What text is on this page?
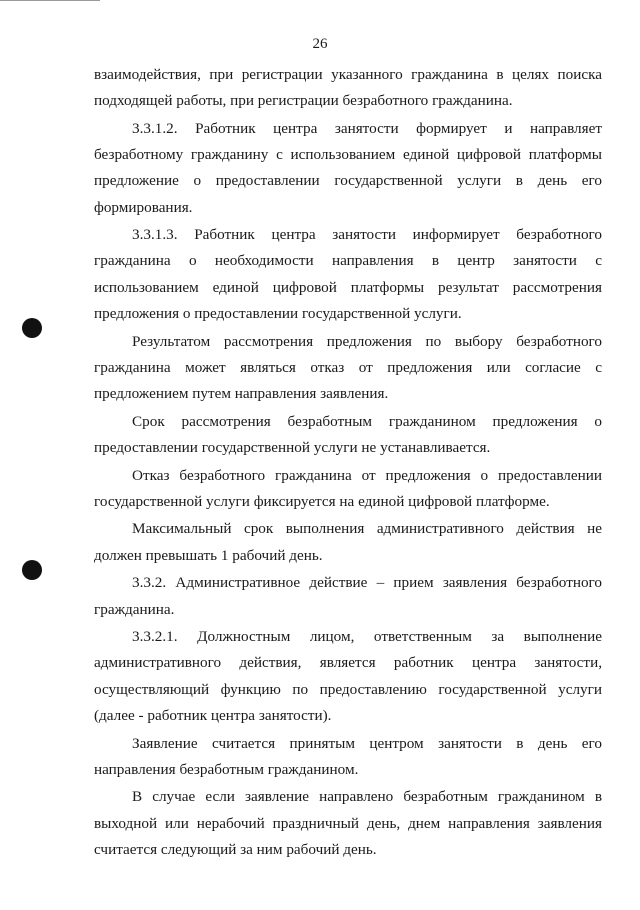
26

взаимодействия, при регистрации указанного гражданина в целях поиска подходящей работы, при регистрации безработного гражданина.

3.3.1.2. Работник центра занятости формирует и направляет безработному гражданину с использованием единой цифровой платформы предложение о предоставлении государственной услуги в день его формирования.

3.3.1.3. Работник центра занятости информирует безработного гражданина о необходимости направления в центр занятости с использованием единой цифровой платформы результат рассмотрения предложения о предоставлении государственной услуги.

Результатом рассмотрения предложения по выбору безработного гражданина может являться отказ от предложения или согласие с предложением путем направления заявления.

Срок рассмотрения безработным гражданином предложения о предоставлении государственной услуги не устанавливается.

Отказ безработного гражданина от предложения о предоставлении государственной услуги фиксируется на единой цифровой платформе.

Максимальный срок выполнения административного действия не должен превышать 1 рабочий день.

3.3.2. Административное действие – прием заявления безработного гражданина.

3.3.2.1. Должностным лицом, ответственным за выполнение административного действия, является работник центра занятости, осуществляющий функцию по предоставлению государственной услуги (далее - работник центра занятости).

Заявление считается принятым центром занятости в день его направления безработным гражданином.

В случае если заявление направлено безработным гражданином в выходной или нерабочий праздничный день, днем направления заявления считается следующий за ним рабочий день.
